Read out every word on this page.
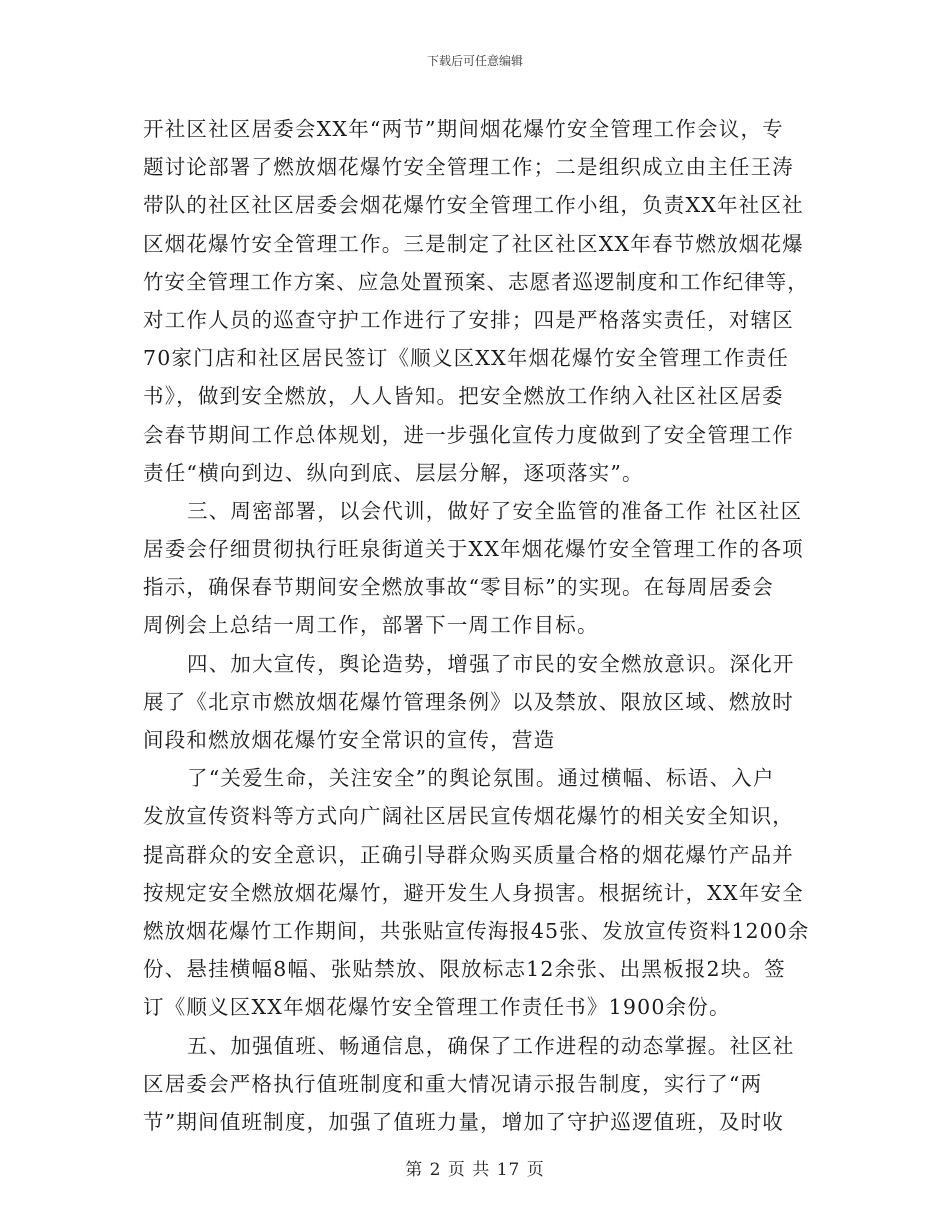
下载后可任意编辑
开社区社区居委会XX年“两节”期间烟花爆竹安全管理工作会议，专
题讨论部署了燃放烟花爆竹安全管理工作；二是组织成立由主任王涛
带队的社区社区居委会烟花爆竹安全管理工作小组，负责XX年社区社
区烟花爆竹安全管理工作。三是制定了社区社区XX年春节燃放烟花爆
竹安全管理工作方案、应急处置预案、志愿者巡逻制度和工作纪律等，
对工作人员的巡查守护工作进行了安排；四是严格落实责任，对辖区
70家门店和社区居民签订《顺义区XX年烟花爆竹安全管理工作责任
书》，做到安全燃放，人人皆知。把安全燃放工作纳入社区社区居委
会春节期间工作总体规划，进一步强化宣传力度做到了安全管理工作
责任“横向到边、纵向到底、层层分解，逐项落实”。
三、周密部署，以会代训，做好了安全监管的准备工作 社区社区
居委会仔细贯彻执行旺泉街道关于XX年烟花爆竹安全管理工作的各项
指示，确保春节期间安全燃放事故“零目标”的实现。在每周居委会
周例会上总结一周工作，部署下一周工作目标。
四、加大宣传，舆论造势，增强了市民的安全燃放意识。深化开
展了《北京市燃放烟花爆竹管理条例》以及禁放、限放区域、燃放时
间段和燃放烟花爆竹安全常识的宣传，营造
了“关爱生命，关注安全”的舆论氛围。通过横幅、标语、入户
发放宣传资料等方式向广阔社区居民宣传烟花爆竹的相关安全知识，
提高群众的安全意识，正确引导群众购买质量合格的烟花爆竹产品并
按规定安全燃放烟花爆竹，避开发生人身损害。根据统计，XX年安全
燃放烟花爆竹工作期间，共张贴宣传海报45张、发放宣传资料1200余
份、悬挂横幅8幅、张贴禁放、限放标志12余张、出黑板报2块。签
订《顺义区XX年烟花爆竹安全管理工作责任书》1900余份。
五、加强值班、畅通信息，确保了工作进程的动态掌握。社区社
区居委会严格执行值班制度和重大情况请示报告制度，实行了“两
节”期间值班制度，加强了值班力量，增加了守护巡逻值班，及时收
第 2 页 共 17 页
